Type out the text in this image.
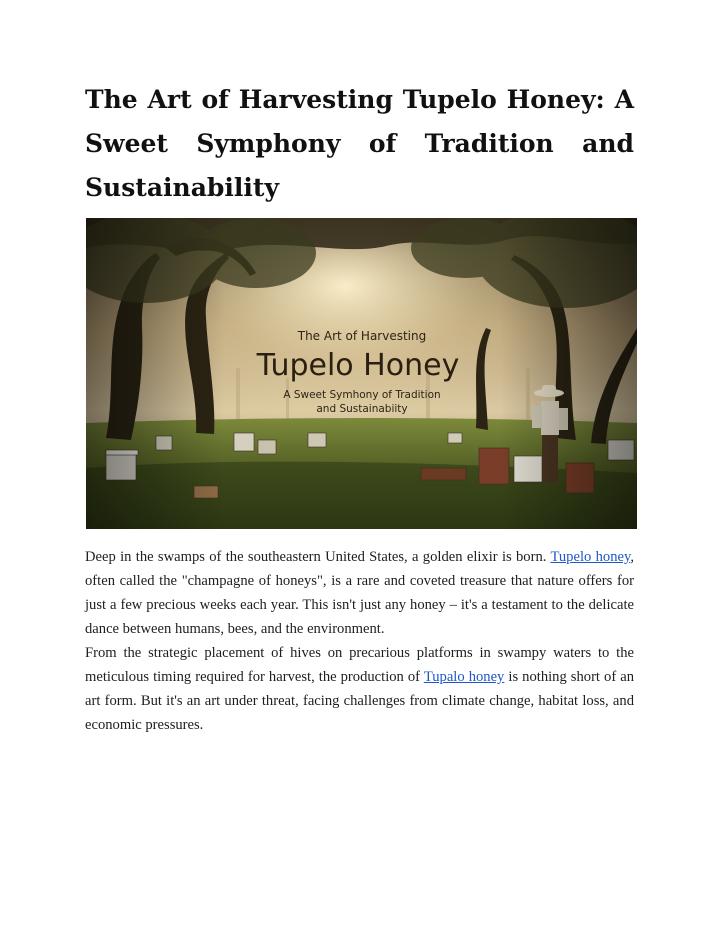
The Art of Harvesting Tupelo Honey: A Sweet Symphony of Tradition and Sustainability
The Art of Harvesting
Tupelo Honey
A Sweet Symhony of Tradition
and Sustainabiity

Deep in the swamps of the southeastern United States, a golden elixir is born. Tupelo honey, often called the "champagne of honeys", is a rare and coveted treasure that nature offers for just a few precious weeks each year. This isn't just any honey – it's a testament to the delicate dance between humans, bees, and the environment.

From the strategic placement of hives on precarious platforms in swampy waters to the meticulous timing required for harvest, the production of Tupalo honey is nothing short of an art form. But it's an art under threat, facing challenges from climate change, habitat loss, and economic pressures.
